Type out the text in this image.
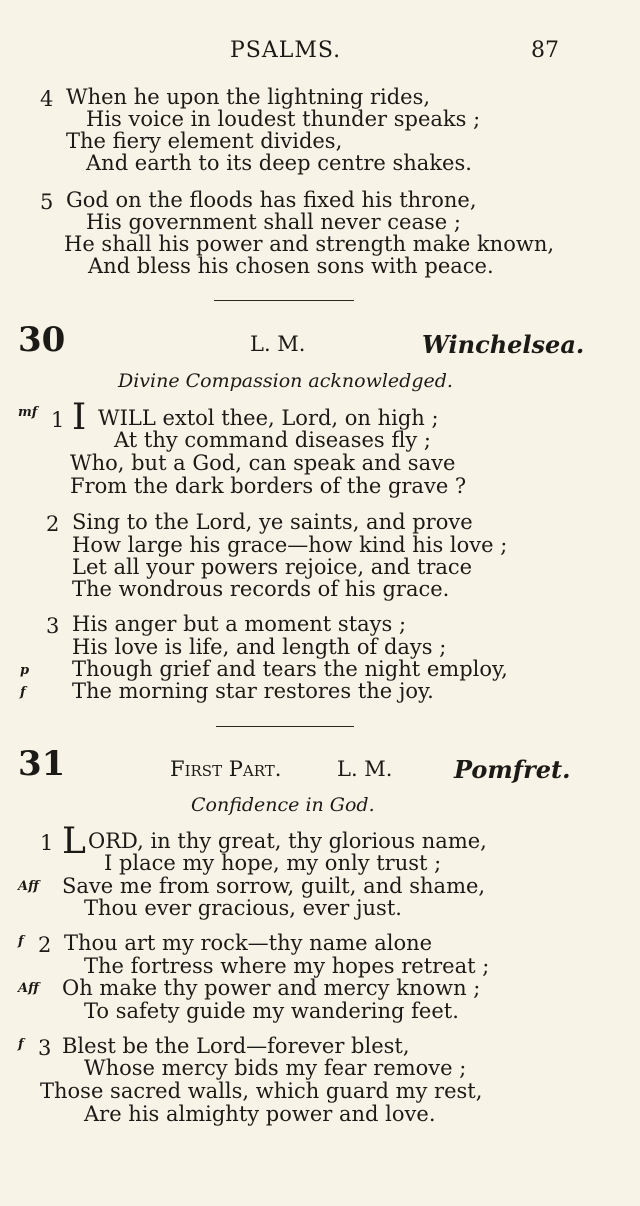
PSALMS.	87
4 When he upon the lightning rides,
His voice in loudest thunder speaks ;
The fiery element divides,
And earth to its deep centre shakes.
5 God on the floods has fixed his throne,
His government shall never cease ;
He shall his power and strength make known,
And bless his chosen sons with peace.
30	L. M.	Winchelsea.
Divine Compassion acknowledged.
mf 1 I WILL extol thee, Lord, on high ;
At thy command diseases fly ;
Who, but a God, can speak and save
From the dark borders of the grave ?
2 Sing to the Lord, ye saints, and prove
How large his grace—how kind his love ;
Let all your powers rejoice, and trace
The wondrous records of his grace.
3 His anger but a moment stays ;
His love is life, and length of days ;
p Though grief and tears the night employ,
f The morning star restores the joy.
31	First Part.	L. M.	Pomfret.
Confidence in God.
1 L ORD, in thy great, thy glorious name,
I place my hope, my only trust ;
Aff Save me from sorrow, guilt, and shame,
Thou ever gracious, ever just.
f 2 Thou art my rock—thy name alone
The fortress where my hopes retreat ;
Aff Oh make thy power and mercy known ;
To safety guide my wandering feet.
f 3 Blest be the Lord—forever blest,
Whose mercy bids my fear remove ;
Those sacred walls, which guard my rest,
Are his almighty power and love.
